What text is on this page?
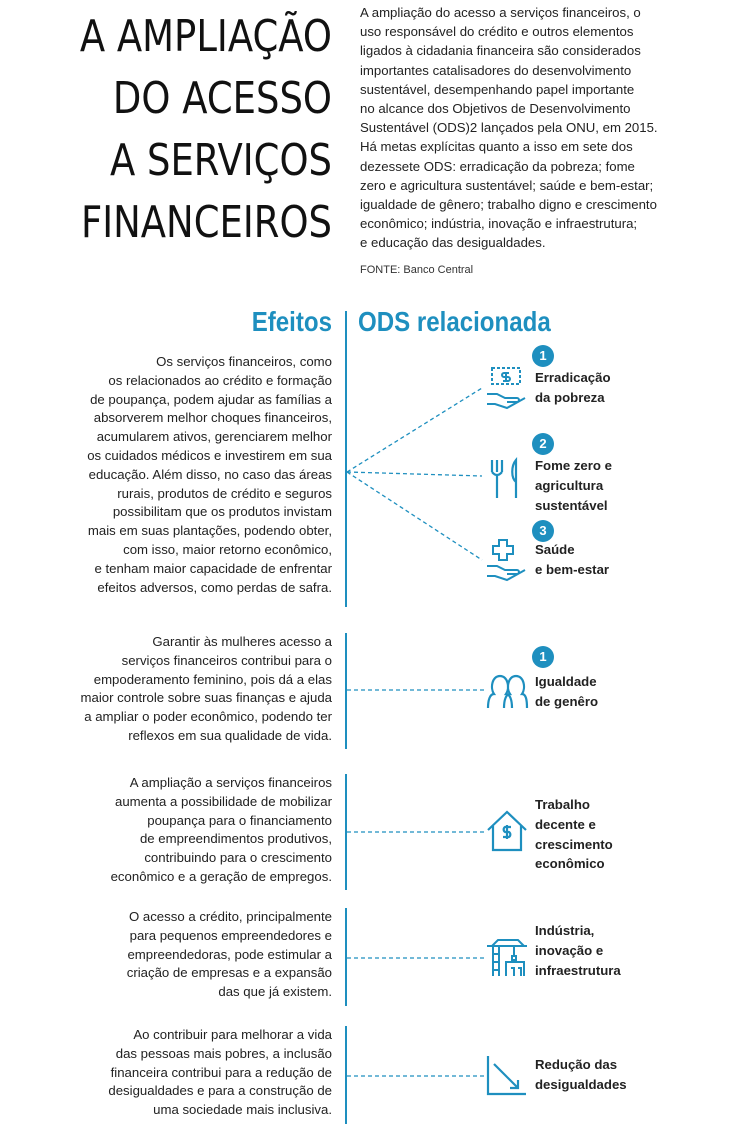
A AMPLIAÇÃO
DO ACESSO
A SERVIÇOS
FINANCEIROS
A ampliação do acesso a serviços financeiros, o
uso responsável do crédito e outros elementos
ligados à cidadania financeira são considerados
importantes catalisadores do desenvolvimento
sustentável, desempenhando papel importante
no alcance dos Objetivos de Desenvolvimento
Sustentável (ODS)2 lançados pela ONU, em 2015.
Há metas explícitas quanto a isso em sete dos
dezessete ODS: erradicação da pobreza; fome
zero e agricultura sustentável; saúde e bem-estar;
igualdade de gênero; trabalho digno e crescimento
econômico; indústria, inovação e infraestrutura;
e educação das desigualdades.
FONTE: Banco Central
Efeitos ODS relacionada
Os serviços financeiros, como
os relacionados ao crédito e formação
de poupança, podem ajudar as famílias a
absorverem melhor choques financeiros,
acumularem ativos, gerenciarem melhor
os cuidados médicos e investirem em sua
educação. Além disso, no caso das áreas
rurais, produtos de crédito e seguros
possibilitam que os produtos invistam
mais em suas plantações, podendo obter,
com isso, maior retorno econômico,
e tenham maior capacidade de enfrentar
efeitos adversos, como perdas de safra.
Garantir às mulheres acesso a
serviços financeiros contribui para o
empoderamento feminino, pois dá a elas
maior controle sobre suas finanças e ajuda
a ampliar o poder econômico, podendo ter
reflexos em sua qualidade de vida.
A ampliação a serviços financeiros
aumenta a possibilidade de mobilizar
poupança para o financiamento
de empreendimentos produtivos,
contribuindo para o crescimento
econômico e a geração de empregos.
O acesso a crédito, principalmente
para pequenos empreendedores e
empreendedoras, pode estimular a
criação de empresas e a expansão
das que já existem.
Ao contribuir para melhorar a vida
das pessoas mais pobres, a inclusão
financeira contribui para a redução de
desigualdades e para a construção de
uma sociedade mais inclusiva.
1
Erradicação
da pobreza
2
Fome zero e
agricultura
sustentável
3
Saúde
e bem-estar
1
Igualdade
de genêro
Trabalho
decente e
crescimento
econômico
Indústria,
inovação e
infraestrutura
Redução das
desigualdades
